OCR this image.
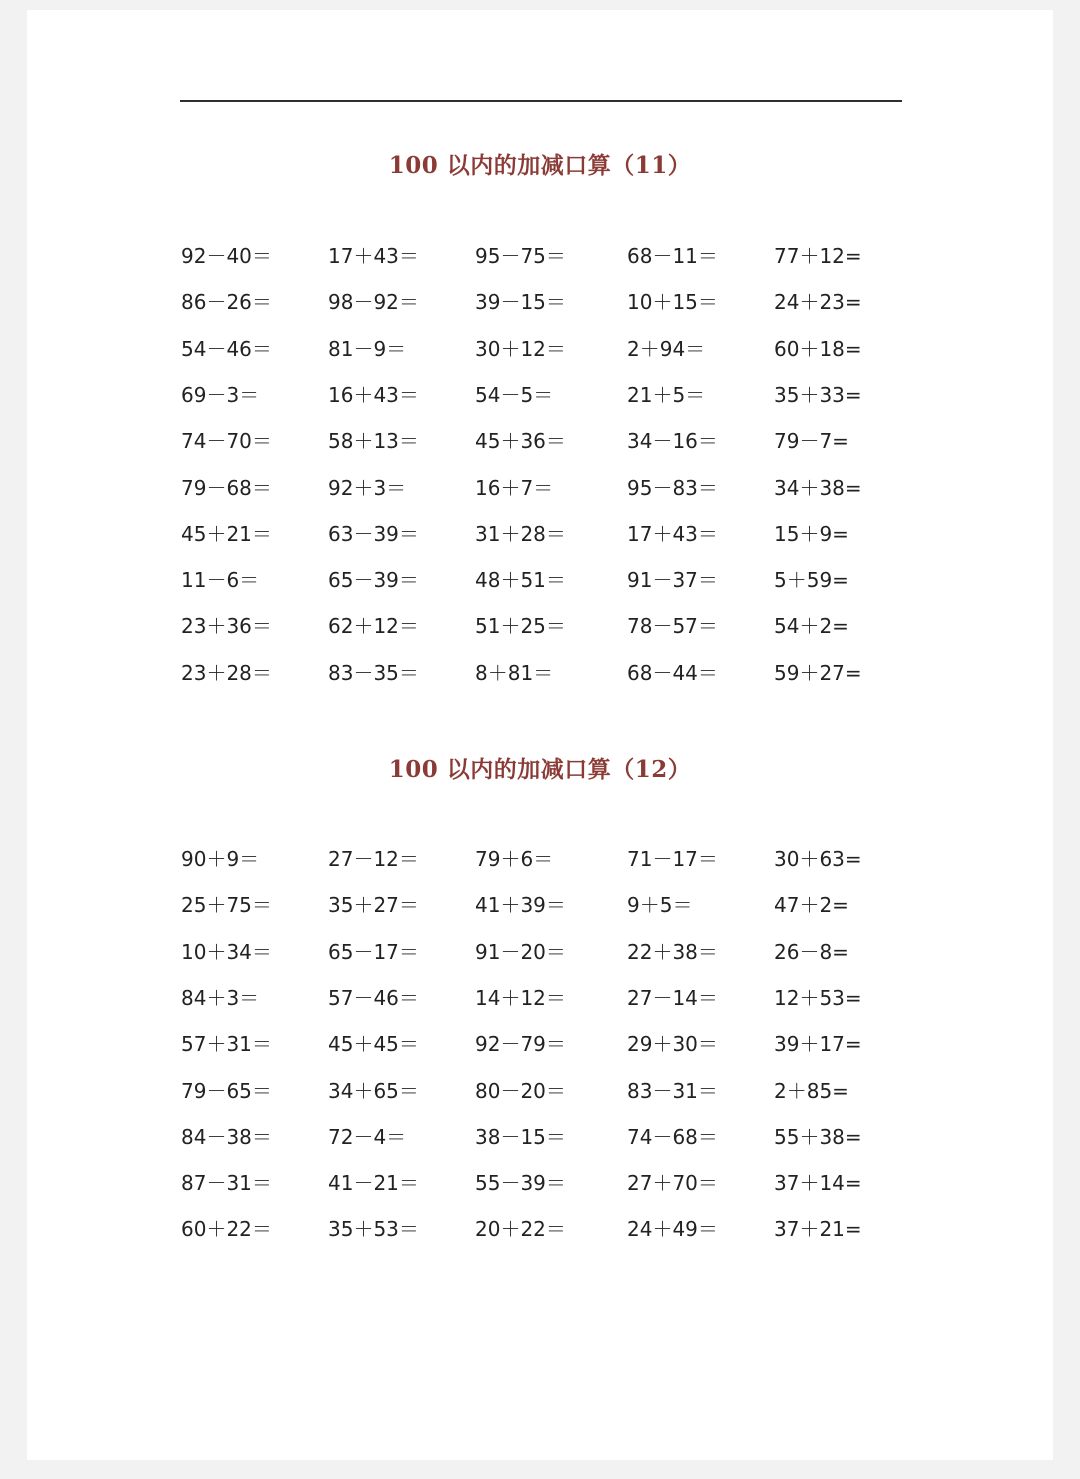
100 以内的加减口算（11）
92－40＝	17＋43＝	95－75＝	68－11＝	77＋12=
86－26＝	98－92＝	39－15＝	10＋15＝	24＋23=
54－46＝	81－9＝	30＋12＝	2＋94＝	60＋18=
69－3＝	16＋43＝	54－5＝	21＋5＝	35＋33=
74－70＝	58＋13＝	45＋36＝	34－16＝	79－7=
79－68＝	92＋3＝	16＋7＝	95－83＝	34＋38=
45＋21＝	63－39＝	31＋28＝	17＋43＝	15＋9=
11－6＝	65－39＝	48＋51＝	91－37＝	5＋59=
23＋36＝	62＋12＝	51＋25＝	78－57＝	54＋2=
23＋28＝	83－35＝	8＋81＝	68－44＝	59＋27=
100 以内的加减口算（12）
90＋9＝	27－12＝	79＋6＝	71－17＝	30＋63=
25＋75＝	35＋27＝	41＋39＝	9＋5＝	47＋2=
10＋34＝	65－17＝	91－20＝	22＋38＝	26－8=
84＋3＝	57－46＝	14＋12＝	27－14＝	12＋53=
57＋31＝	45＋45＝	92－79＝	29＋30＝	39＋17=
79－65＝	34＋65＝	80－20＝	83－31＝	2＋85=
84－38＝	72－4＝	38－15＝	74－68＝	55＋38=
87－31＝	41－21＝	55－39＝	27＋70＝	37＋14=
60＋22＝	35＋53＝	20＋22＝	24＋49＝	37＋21=
